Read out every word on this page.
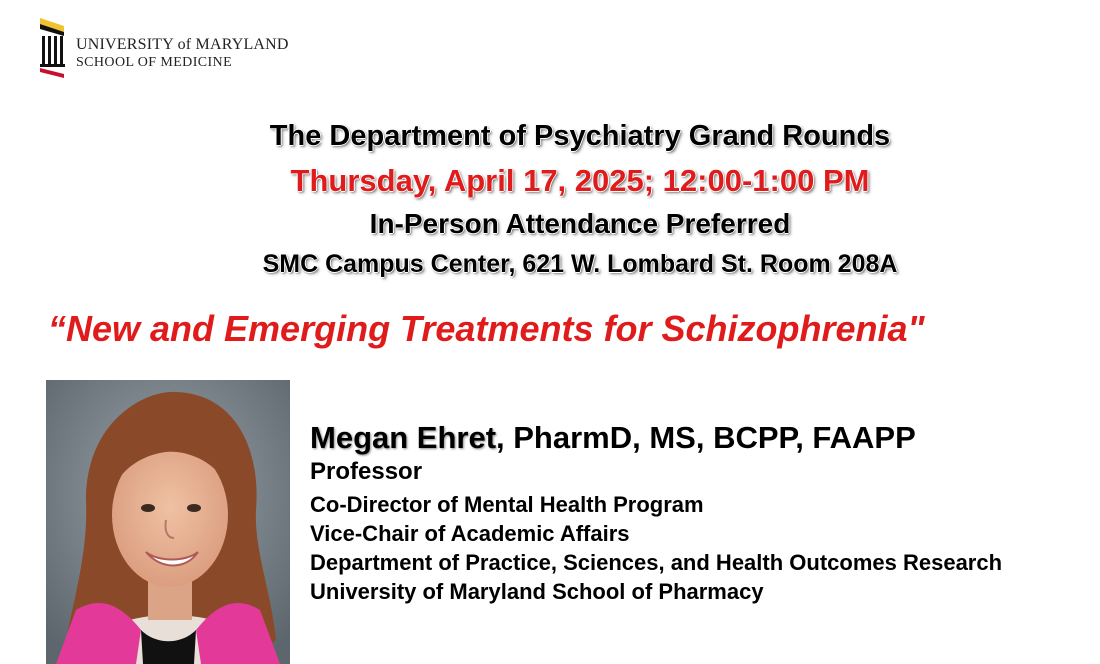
UNIVERSITY of MARYLAND
SCHOOL OF MEDICINE
The Department of Psychiatry Grand Rounds
Thursday, April 17, 2025; 12:00-1:00 PM
In-Person Attendance Preferred
SMC Campus Center, 621 W. Lombard St. Room 208A
“New and Emerging Treatments for Schizophrenia"
Megan Ehret, PharmD, MS, BCPP, FAAPP
Professor
Co-Director of Mental Health Program
Vice-Chair of Academic Affairs
Department of Practice, Sciences, and Health Outcomes Research
University of Maryland School of Pharmacy
